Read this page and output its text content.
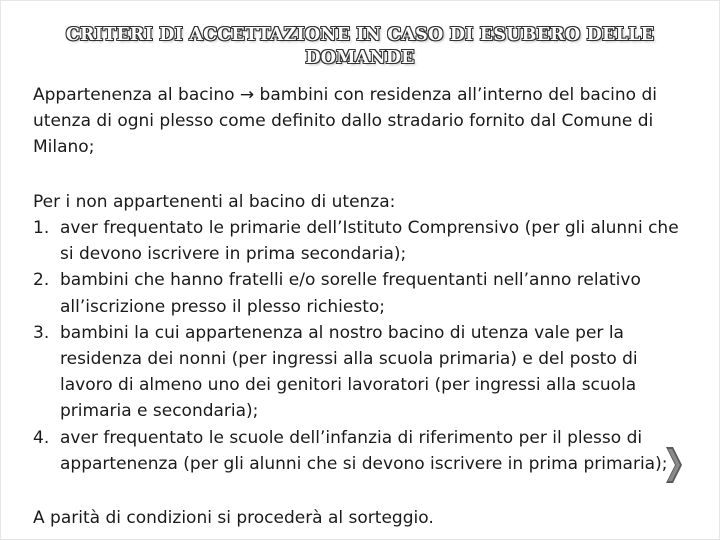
CRITERI DI ACCETTAZIONE IN CASO DI ESUBERO DELLE DOMANDE

Appartenenza al bacino → bambini con residenza all’interno del bacino di utenza di ogni plesso come definito dallo stradario fornito dal Comune di Milano;

Per i non appartenenti al bacino di utenza:

1. aver frequentato le primarie dell’Istituto Comprensivo (per gli alunni che si devono iscrivere in prima secondaria);
2. bambini che hanno fratelli e/o sorelle frequentanti nell’anno relativo all’iscrizione presso il plesso richiesto;
3. bambini la cui appartenenza al nostro bacino di utenza vale per la residenza dei nonni (per ingressi alla scuola primaria) e del posto di lavoro di almeno uno dei genitori lavoratori (per ingressi alla scuola primaria e secondaria);
4. aver frequentato le scuole dell’infanzia di riferimento per il plesso di appartenenza (per gli alunni che si devono iscrivere in prima primaria);

A parità di condizioni si procederà al sorteggio.
